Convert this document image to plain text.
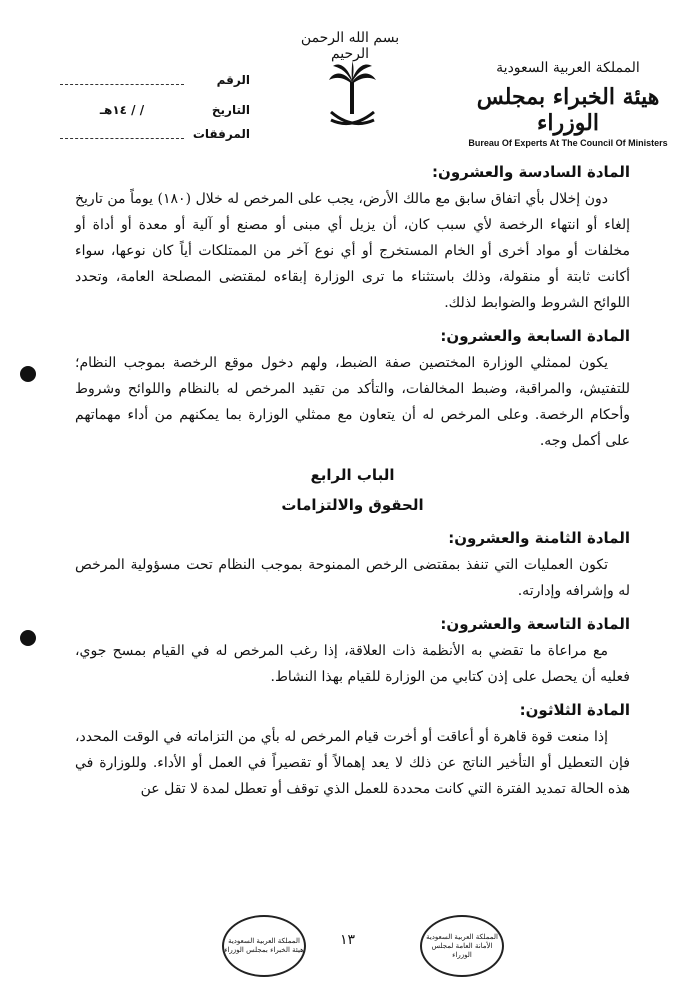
بسم الله الرحمن الرحيم
المملكة العربية السعودية
هيئة الخبراء بمجلس الوزراء
Bureau Of Experts At The Council Of Ministers
الرقم
التاريخ
/ / ١٤هـ
المرفقات

المادة السادسة والعشرون:

دون إخلال بأي اتفاق سابق مع مالك الأرض، يجب على المرخص له خلال (١٨٠) يوماً من تاريخ إلغاء أو انتهاء الرخصة لأي سبب كان، أن يزيل أي مبنى أو مصنع أو آلية أو معدة أو أداة أو مخلفات أو مواد أخرى أو الخام المستخرج أو أي نوع آخر من الممتلكات أياً كان نوعها، سواء أكانت ثابتة أو منقولة، وذلك باستثناء ما ترى الوزارة إبقاءه لمقتضى المصلحة العامة، وتحدد اللوائح الشروط والضوابط لذلك.

المادة السابعة والعشرون:

يكون لممثلي الوزارة المختصين صفة الضبط، ولهم دخول موقع الرخصة بموجب النظام؛ للتفتيش، والمراقبة، وضبط المخالفات، والتأكد من تقيد المرخص له بالنظام واللوائح وشروط وأحكام الرخصة. وعلى المرخص له أن يتعاون مع ممثلي الوزارة بما يمكنهم من أداء مهماتهم على أكمل وجه.

الباب الرابع
الحقوق والالتزامات

المادة الثامنة والعشرون:

تكون العمليات التي تنفذ بمقتضى الرخص الممنوحة بموجب النظام تحت مسؤولية المرخص له وإشرافه وإدارته.

المادة التاسعة والعشرون:

مع مراعاة ما تقضي به الأنظمة ذات العلاقة، إذا رغب المرخص له في القيام بمسح جوي، فعليه أن يحصل على إذن كتابي من الوزارة للقيام بهذا النشاط.

المادة الثلاثون:

إذا منعت قوة قاهرة أو أعاقت أو أخرت قيام المرخص له بأي من التزاماته في الوقت المحدد، فإن التعطيل أو التأخير الناتج عن ذلك لا يعد إهمالاً أو تقصيراً في العمل أو الأداء. وللوزارة في هذه الحالة تمديد الفترة التي كانت محددة للعمل الذي توقف أو تعطل لمدة لا تقل عن

١٣
المملكة العربية السعودية هيئة الخبراء بمجلس الوزراء
المملكة العربية السعودية الأمانة العامة لمجلس الوزراء
